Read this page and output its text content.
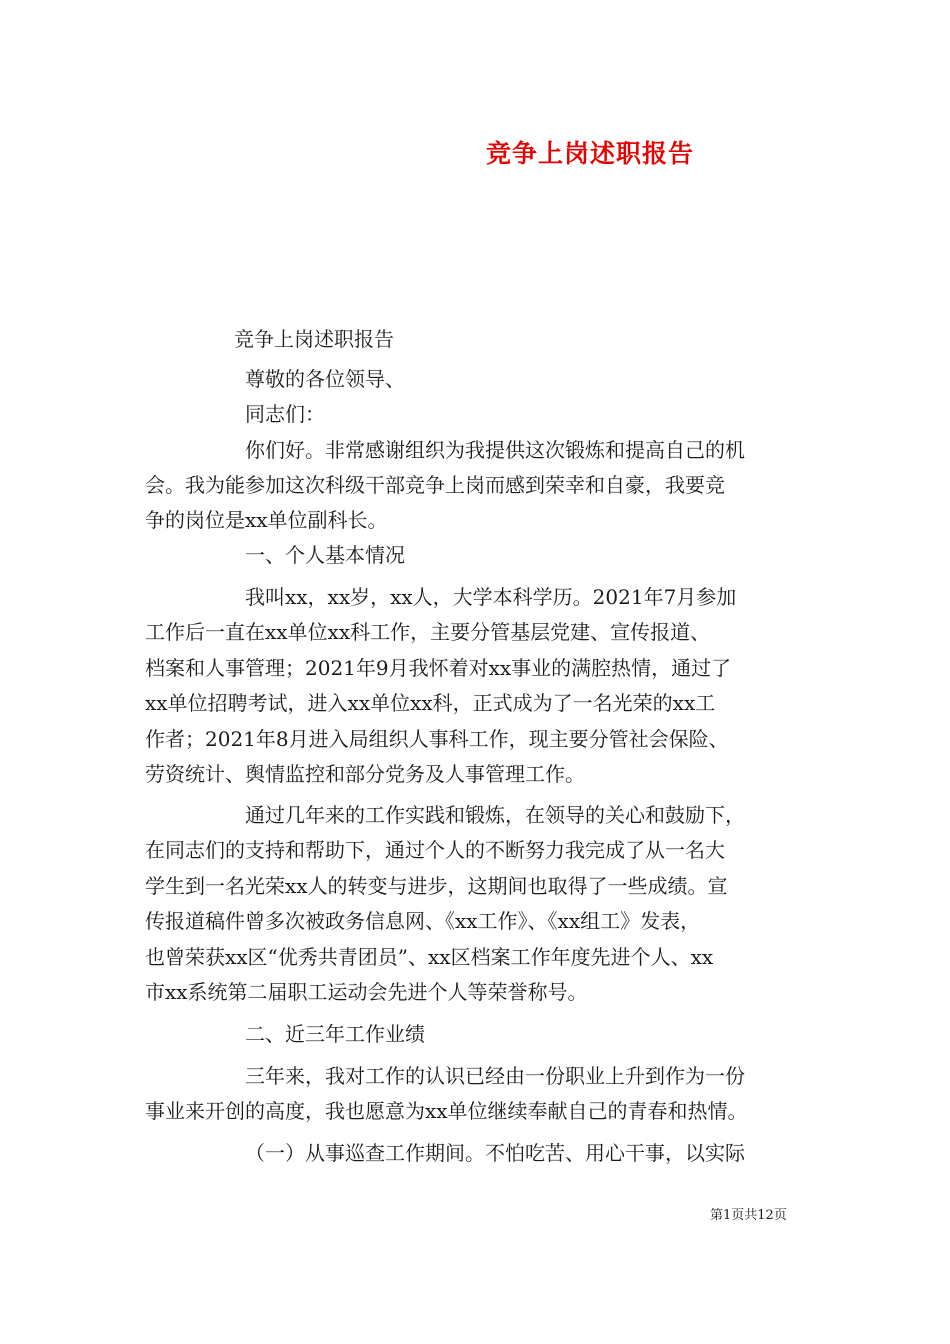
竞争上岗述职报告
竞争上岗述职报告
尊敬的各位领导、
同志们：
你们好。非常感谢组织为我提供这次锻炼和提高自己的机
会。我为能参加这次科级干部竞争上岗而感到荣幸和自豪，我要竞
争的岗位是xx单位副科长。
一、个人基本情况
我叫xx，xx岁，xx人，大学本科学历。2021年7月参加
工作后一直在xx单位xx科工作，主要分管基层党建、宣传报道、
档案和人事管理；2021年9月我怀着对xx事业的满腔热情，通过了
xx单位招聘考试，进入xx单位xx科，正式成为了一名光荣的xx工
作者；2021年8月进入局组织人事科工作，现主要分管社会保险、
劳资统计、舆情监控和部分党务及人事管理工作。
通过几年来的工作实践和锻炼，在领导的关心和鼓励下，
在同志们的支持和帮助下，通过个人的不断努力我完成了从一名大
学生到一名光荣xx人的转变与进步，这期间也取得了一些成绩。宣
传报道稿件曾多次被政务信息网、《xx工作》、《xx组工》发表，
也曾荣获xx区“优秀共青团员”、xx区档案工作年度先进个人、xx
市xx系统第二届职工运动会先进个人等荣誉称号。
二、近三年工作业绩
三年来，我对工作的认识已经由一份职业上升到作为一份
事业来开创的高度，我也愿意为xx单位继续奉献自己的青春和热情。
（一）从事巡查工作期间。不怕吃苦、用心干事，以实际
第1页共12页
